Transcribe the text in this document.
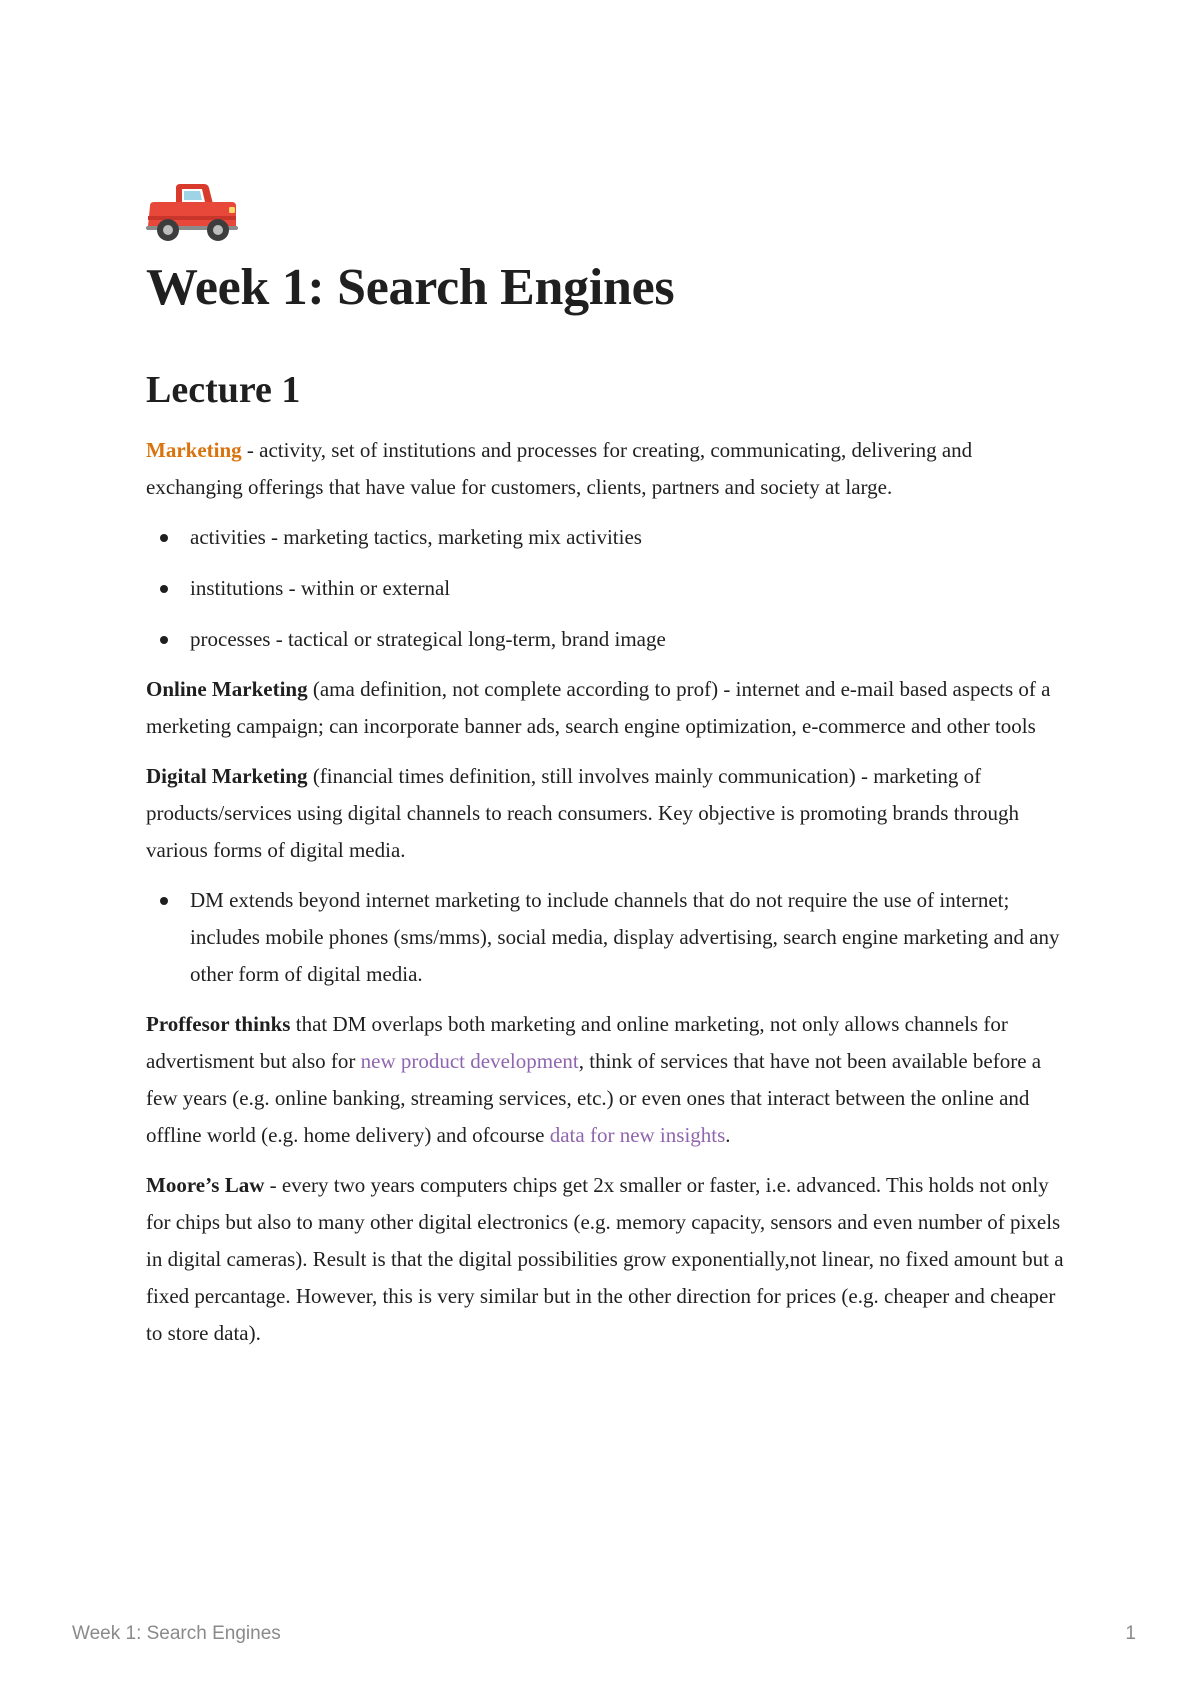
Week 1: Search Engines
Lecture 1

Marketing - activity, set of institutions and processes for creating, communicating, delivering and exchanging offerings that have value for customers, clients, partners and society at large.

activities - marketing tactics, marketing mix activities
institutions - within or external
processes - tactical or strategical long-term, brand image

Online Marketing (ama definition, not complete according to prof) - internet and e-mail based aspects of a merketing campaign; can incorporate banner ads, search engine optimization, e-commerce and other tools

Digital Marketing (financial times definition, still involves mainly communication) - marketing of products/services using digital channels to reach consumers. Key objective is promoting brands through various forms of digital media.

DM extends beyond internet marketing to include channels that do not require the use of internet; includes mobile phones (sms/mms), social media, display advertising, search engine marketing and any other form of digital media.

Proffesor thinks that DM overlaps both marketing and online marketing, not only allows channels for advertisment but also for new product development, think of services that have not been available before a few years (e.g. online banking, streaming services, etc.) or even ones that interact between the online and offline world (e.g. home delivery) and ofcourse data for new insights.

Moore’s Law - every two years computers chips get 2x smaller or faster, i.e. advanced. This holds not only for chips but also to many other digital electronics (e.g. memory capacity, sensors and even number of pixels in digital cameras). Result is that the digital possibilities grow exponentially,not linear, no fixed amount but a fixed percantage. However, this is very similar but in the other direction for prices (e.g. cheaper and cheaper to store data).

Week 1: Search Engines	1
